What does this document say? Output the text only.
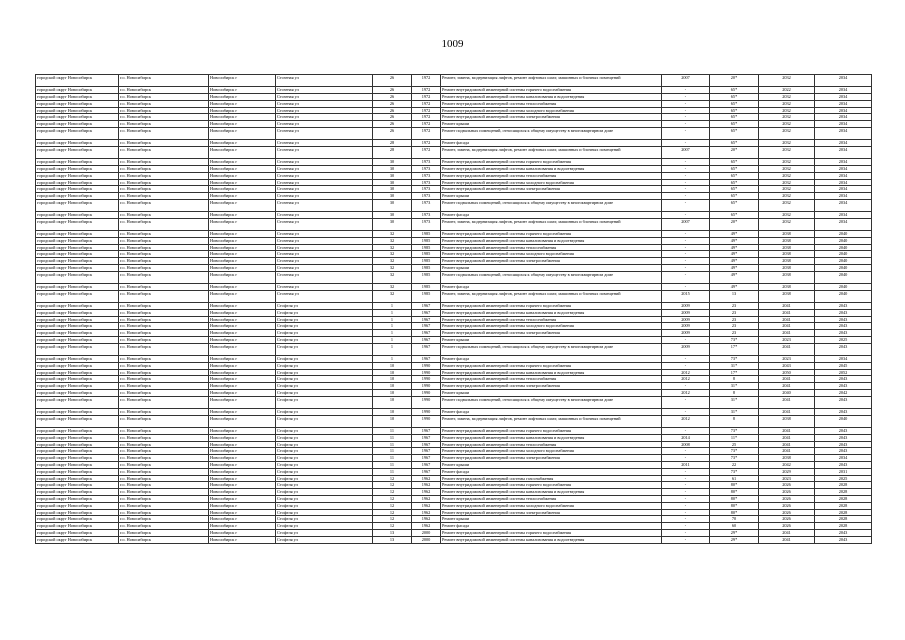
1009
городской округ Новосибирск	г.о. Новосибирск	Новосибирск г	Стозеная ул	26	1972	Ремонт, замена, модернизация лифтов, ремонт лифтовых шахт, машинных и блочных помещений	2007	20*	2032	2034
городской округ Новосибирск	г.о. Новосибирск	Новосибирск г	Стозеная ул	26	1972	Ремонт внутридомовой инженерной системы горячего водоснабжения	-	65*	2022	2034
городской округ Новосибирск	г.о. Новосибирск	Новосибирск г	Стозеная ул	26	1972	Ремонт внутридомовой инженерной системы канализования и водоотведения	-	65*	2032	2034
городской округ Новосибирск	г.о. Новосибирск	Новосибирск г	Стозеная ул	26	1972	Ремонт внутридомовой инженерной системы теплоснабжения	-	65*	2032	2034
городской округ Новосибирск	г.о. Новосибирск	Новосибирск г	Стозеная ул	26	1972	Ремонт внутридомовой инженерной системы холодного водоснабжения	-	65*	2032	2034
городской округ Новосибирск	г.о. Новосибирск	Новосибирск г	Стозеная ул	26	1972	Ремонт внутридомовой инженерной системы электроснабжения	-	65*	2032	2034
городской округ Новосибирск	г.о. Новосибирск	Новосибирск г	Стозеная ул	26	1972	Ремонт крыши	-	65*	2032	2034
городской округ Новосибирск	г.о. Новосибирск	Новосибирск г	Стозеная ул	26	1972	Ремонт подвальных помещений, относящихся к общему имуществу в многоквартирном доме	-	65*	2032	2034
городской округ Новосибирск	г.о. Новосибирск	Новосибирск г	Стозеная ул	28	1972	Ремонт фасада	-	65*	2032	2034
городской округ Новосибирск	г.о. Новосибирск	Новосибирск г	Стозеная ул	28	1972	Ремонт, замена, модернизация лифтов, ремонт лифтовых шахт, машинных и блочных помещений	2007	20*	2032	2034
городской округ Новосибирск	г.о. Новосибирск	Новосибирск г	Стозеная ул	30	1973	Ремонт внутридомовой инженерной системы горячего водоснабжения	-	65*	2032	2034
городской округ Новосибирск	г.о. Новосибирск	Новосибирск г	Стозеная ул	30	1973	Ремонт внутридомовой инженерной системы канализования и водоотведения	-	65*	2032	2034
городской округ Новосибирск	г.о. Новосибирск	Новосибирск г	Стозеная ул	30	1973	Ремонт внутридомовой инженерной системы теплоснабжения	-	65*	2032	2034
городской округ Новосибирск	г.о. Новосибирск	Новосибирск г	Стозеная ул	30	1973	Ремонт внутридомовой инженерной системы холодного водоснабжения	-	65*	2032	2034
городской округ Новосибирск	г.о. Новосибирск	Новосибирск г	Стозеная ул	30	1973	Ремонт внутридомовой инженерной системы электроснабжения	-	65*	2032	2034
городской округ Новосибирск	г.о. Новосибирск	Новосибирск г	Стозеная ул	30	1973	Ремонт крыши	-	65*	2032	2034
городской округ Новосибирск	г.о. Новосибирск	Новосибирск г	Стозеная ул	30	1973	Ремонт подвальных помещений, относящихся к общему имуществу в многоквартирном доме	-	65*	2032	2034
городской округ Новосибирск	г.о. Новосибирск	Новосибирск г	Стозеная ул	30	1973	Ремонт фасада	-	65*	2032	2034
городской округ Новосибирск	г.о. Новосибирск	Новосибирск г	Стозеная ул	30	1973	Ремонт, замена, модернизация лифтов, ремонт лифтовых шахт, машинных и блочных помещений	2007	20*	2032	2034
городской округ Новосибирск	г.о. Новосибирск	Новосибирск г	Стозеная ул	32	1985	Ремонт внутридомовой инженерной системы горячего водоснабжения	-	49*	2038	2040
городской округ Новосибирск	г.о. Новосибирск	Новосибирск г	Стозеная ул	32	1985	Ремонт внутридомовой инженерной системы канализования и водоотведения	-	49*	2038	2040
городской округ Новосибирск	г.о. Новосибирск	Новосибирск г	Стозеная ул	32	1985	Ремонт внутридомовой инженерной системы теплоснабжения	-	49*	2038	2040
городской округ Новосибирск	г.о. Новосибирск	Новосибирск г	Стозеная ул	32	1985	Ремонт внутридомовой инженерной системы холодного водоснабжения	-	49*	2038	2040
городской округ Новосибирск	г.о. Новосибирск	Новосибирск г	Стозеная ул	32	1985	Ремонт внутридомовой инженерной системы электроснабжения	-	49*	2038	2040
городской округ Новосибирск	г.о. Новосибирск	Новосибирск г	Стозеная ул	32	1985	Ремонт крыши	-	49*	2038	2040
городской округ Новосибирск	г.о. Новосибирск	Новосибирск г	Стозеная ул	32	1985	Ремонт подвальных помещений, относящихся к общему имуществу в многоквартирном доме	-	49*	2038	2040
городской округ Новосибирск	г.о. Новосибирск	Новосибирск г	Стозеная ул	32	1985	Ремонт фасада	-	49*	2038	2040
городской округ Новосибирск	г.о. Новосибирск	Новосибирск г	Стозеная ул	32	1985	Ремонт, замена, модернизация лифтов, ремонт лифтовых шахт, машинных и блочных помещений	2015	13	2038	2040
городской округ Новосибирск	г.о. Новосибирск	Новосибирск г	Стофеля ул	1	1967	Ремонт внутридомовой инженерной системы горячего водоснабжения	2009	23	2041	2043
городской округ Новосибирск	г.о. Новосибирск	Новосибирск г	Стофеля ул	1	1967	Ремонт внутридомовой инженерной системы канализования и водоотведения	2009	23	2041	2043
городской округ Новосибирск	г.о. Новосибирск	Новосибирск г	Стофеля ул	1	1967	Ремонт внутридомовой инженерной системы теплоснабжения	2009	23	2041	2043
городской округ Новосибирск	г.о. Новосибирск	Новосибирск г	Стофеля ул	1	1967	Ремонт внутридомовой инженерной системы холодного водоснабжения	2009	23	2041	2043
городской округ Новосибирск	г.о. Новосибирск	Новосибирск г	Стофеля ул	1	1967	Ремонт внутридомовой инженерной системы электроснабжения	2009	23	2041	2043
городской округ Новосибирск	г.о. Новосибирск	Новосибирск г	Стофеля ул	1	1967	Ремонт крыши	-	73*	2023	2025
городской округ Новосибирск	г.о. Новосибирск	Новосибирск г	Стофеля ул	1	1967	Ремонт подвальных помещений, относящихся к общему имуществу в многоквартирном доме	2009	17*	2041	2043
городской округ Новосибирск	г.о. Новосибирск	Новосибирск г	Стофеля ул	1	1967	Ремонт фасада	-	73*	2023	2034
городской округ Новосибирск	г.о. Новосибирск	Новосибирск г	Стофеля ул	10	1990	Ремонт внутридомовой инженерной системы горячего водоснабжения	-	31*	2043	2045
городской округ Новосибирск	г.о. Новосибирск	Новосибирск г	Стофеля ул	10	1990	Ремонт внутридомовой инженерной системы канализования и водоотведения	2012	17*	2050	2052
городской округ Новосибирск	г.о. Новосибирск	Новосибирск г	Стофеля ул	10	1990	Ремонт внутридомовой инженерной системы теплоснабжения	2012	8	2041	2043
городской округ Новосибирск	г.о. Новосибирск	Новосибирск г	Стофеля ул	10	1990	Ремонт внутридомовой инженерной системы электроснабжения	-	31*	2041	2043
городской округ Новосибирск	г.о. Новосибирск	Новосибирск г	Стофеля ул	10	1990	Ремонт крыши	2012	8	2040	2042
городской округ Новосибирск	г.о. Новосибирск	Новосибирск г	Стофеля ул	10	1990	Ремонт подвальных помещений, относящихся к общему имуществу в многоквартирном доме	-	31*	2041	2043
городской округ Новосибирск	г.о. Новосибирск	Новосибирск г	Стофеля ул	10	1990	Ремонт фасада	-	31*	2041	2043
городской округ Новосибирск	г.о. Новосибирск	Новосибирск г	Стофеля ул	10	1990	Ремонт, замена, модернизация лифтов, ремонт лифтовых шахт, машинных и блочных помещений	2012	8	2038	2040
городской округ Новосибирск	г.о. Новосибирск	Новосибирск г	Стофеля ул	11	1967	Ремонт внутридомовой инженерной системы горячего водоснабжения	-	73*	2041	2043
городской округ Новосибирск	г.о. Новосибирск	Новосибирск г	Стофеля ул	11	1967	Ремонт внутридомовой инженерной системы канализования и водоотведения	2014	11*	2041	2043
городской округ Новосибирск	г.о. Новосибирск	Новосибирск г	Стофеля ул	11	1967	Ремонт внутридомовой инженерной системы теплоснабжения	2008	25	2041	2043
городской округ Новосибирск	г.о. Новосибирск	Новосибирск г	Стофеля ул	11	1967	Ремонт внутридомовой инженерной системы холодного водоснабжения	-	73*	2041	2043
городской округ Новосибирск	г.о. Новосибирск	Новосибирск г	Стофеля ул	11	1967	Ремонт внутридомовой инженерной системы электроснабжения	-	73*	2038	2034
городской округ Новосибирск	г.о. Новосибирск	Новосибирск г	Стофеля ул	11	1967	Ремонт крыши	2011	22	2042	2043
городской округ Новосибирск	г.о. Новосибирск	Новосибирск г	Стофеля ул	11	1967	Ремонт фасада	-	73*	2029	2031
городской округ Новосибирск	г.о. Новосибирск	Новосибирск г	Стофеля ул	12	1962	Ремонт внутридомовой инженерной системы газоснабжения	-	61	2023	2025
городской округ Новосибирск	г.о. Новосибирск	Новосибирск г	Стофеля ул	12	1962	Ремонт внутридомовой инженерной системы горячего водоснабжения	-	80*	2026	2028
городской округ Новосибирск	г.о. Новосибирск	Новосибирск г	Стофеля ул	12	1962	Ремонт внутридомовой инженерной системы канализования и водоотведения	-	80*	2026	2028
городской округ Новосибирск	г.о. Новосибирск	Новосибирск г	Стофеля ул	12	1962	Ремонт внутридомовой инженерной системы теплоснабжения	-	80*	2026	2028
городской округ Новосибирск	г.о. Новосибирск	Новосибирск г	Стофеля ул	12	1962	Ремонт внутридомовой инженерной системы холодного водоснабжения	-	80*	2026	2028
городской округ Новосибирск	г.о. Новосибирск	Новосибирск г	Стофеля ул	12	1962	Ремонт внутридомовой инженерной системы электроснабжения	-	80*	2026	2028
городской округ Новосибирск	г.о. Новосибирск	Новосибирск г	Стофеля ул	12	1962	Ремонт крыши	-	70	2026	2028
городской округ Новосибирск	г.о. Новосибирск	Новосибирск г	Стофеля ул	12	1962	Ремонт фасада	-	60	2026	2028
городской округ Новосибирск	г.о. Новосибирск	Новосибирск г	Стофеля ул	13	2000	Ремонт внутридомовой инженерной системы горячего водоснабжения	-	29*	2041	2043
городской округ Новосибирск	г.о. Новосибирск	Новосибирск г	Стофеля ул	13	2000	Ремонт внутридомовой инженерной системы канализования и водоотведения	-	29*	2041	2043
